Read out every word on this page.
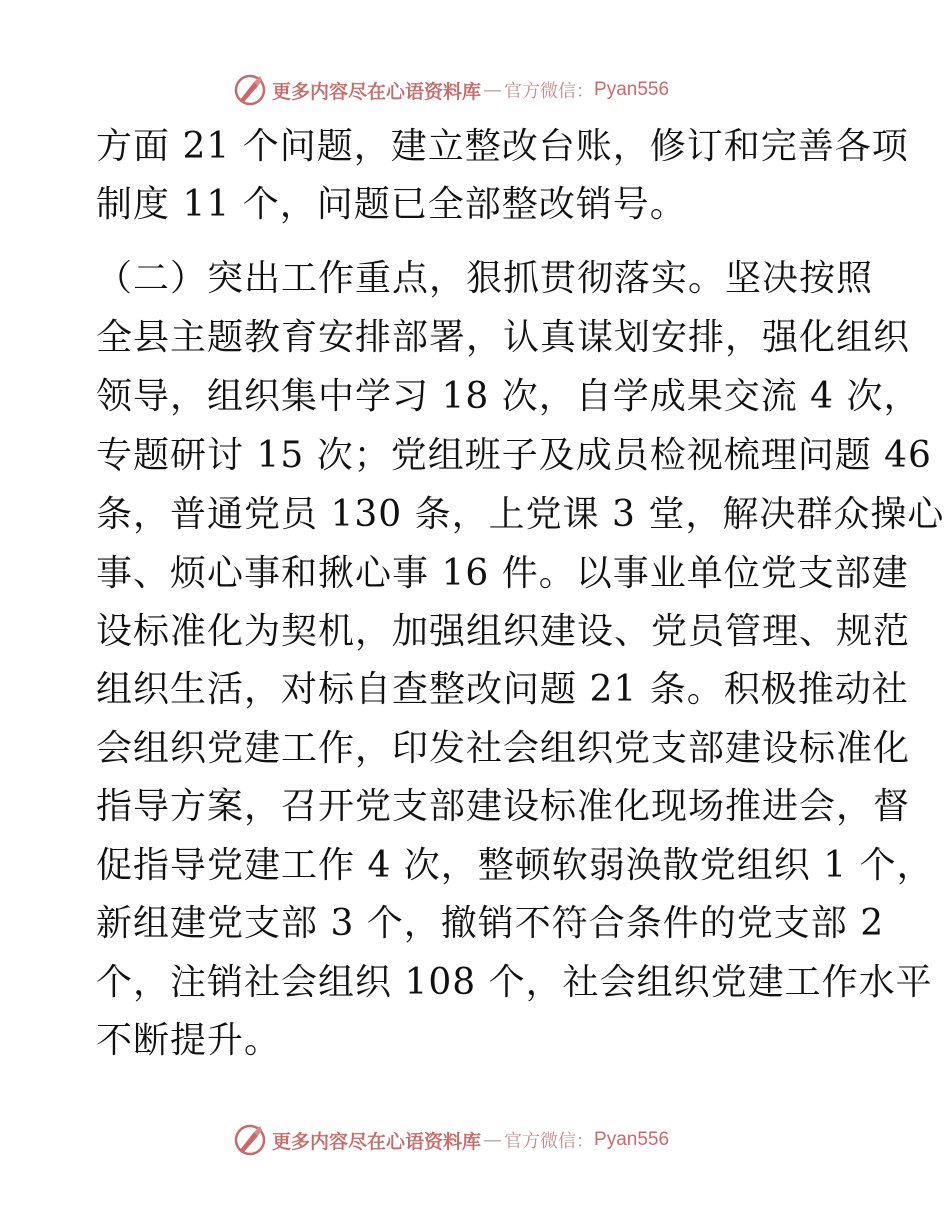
更多内容尽在心语资料库 — 官方微信： Pyan556
方面 21 个问题，建立整改台账，修订和完善各项
制度 11 个，问题已全部整改销号。
（二）突出工作重点，狠抓贯彻落实。坚决按照
全县主题教育安排部署，认真谋划安排，强化组织
领导，组织集中学习 18 次，自学成果交流 4 次，
专题研讨 15 次；党组班子及成员检视梳理问题 46
条，普通党员 130 条，上党课 3 堂，解决群众操心
事、烦心事和揪心事 16 件。以事业单位党支部建
设标准化为契机，加强组织建设、党员管理、规范
组织生活，对标自查整改问题 21 条。积极推动社
会组织党建工作，印发社会组织党支部建设标准化
指导方案，召开党支部建设标准化现场推进会，督
促指导党建工作 4 次，整顿软弱涣散党组织 1 个，
新组建党支部 3 个，撤销不符合条件的党支部 2
个，注销社会组织 108 个，社会组织党建工作水平
不断提升。
更多内容尽在心语资料库 — 官方微信： Pyan556
